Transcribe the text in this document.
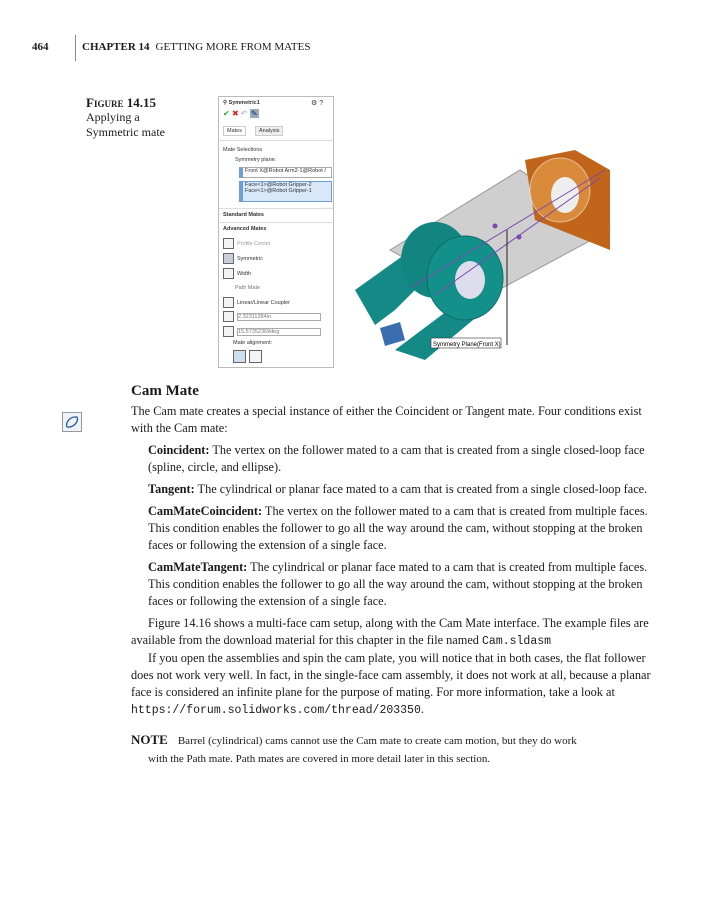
464	CHAPTER 14 GETTING MORE FROM MATES
Figure 14.15
Applying a
Symmetric mate
⚲ Symmetric1	⚙ ?
✔ ✖ ↶ ✎
Mates	Analysis
Mate Selections
Symmetry plane:
Front X@Robot Arm2-1@Robot /
Face<1>@Robot Gripper-2
Face<1>@Robot Gripper-1
Standard Mates
Advanced Mates
Profile Center
Symmetric
Width
Path Mate
Linear/Linear Coupler
2.32311284in
15.57352369deg
Mate alignment:	Symmetry Plane(Front X)
Cam Mate

The Cam mate creates a special instance of either the Coincident or Tangent mate. Four conditions exist with the Cam mate:

Coincident: The vertex on the follower mated to a cam that is created from a single closed-loop face (spline, circle, and ellipse).

Tangent: The cylindrical or planar face mated to a cam that is created from a single closed-loop face.

CamMateCoincident: The vertex on the follower mated to a cam that is created from multiple faces. This condition enables the follower to go all the way around the cam, without stopping at the broken faces or following the extension of a single face.

CamMateTangent: The cylindrical or planar face mated to a cam that is created from multiple faces. This condition enables the follower to go all the way around the cam, without stopping at the broken faces or following the extension of a single face.

Figure 14.16 shows a multi-face cam setup, along with the Cam Mate interface. The example files are available from the download material for this chapter in the file named Cam.sldasm

If you open the assemblies and spin the cam plate, you will notice that in both cases, the flat follower does not work very well. In fact, in the single-face cam assembly, it does not work at all, because a planar face is considered an infinite plane for the purpose of mating. For more information, take a look at https://forum.solidworks.com/thread/203350.

NOTE Barrel (cylindrical) cams cannot use the Cam mate to create cam motion, but they do work
with the Path mate. Path mates are covered in more detail later in this section.
